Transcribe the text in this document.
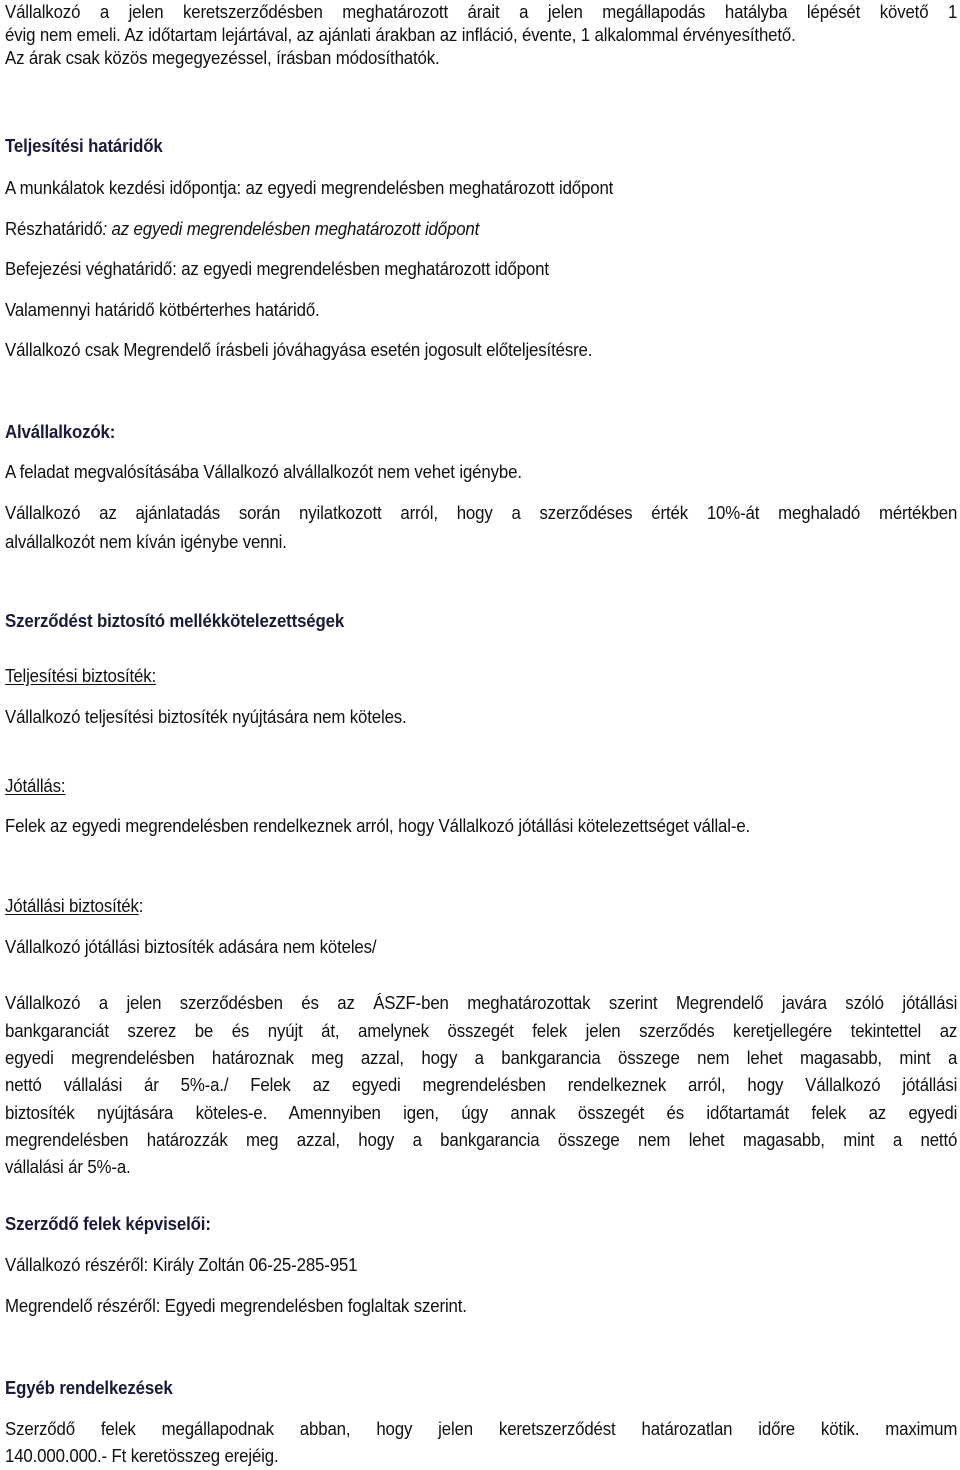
Vállalkozó a jelen keretszerződésben meghatározott árait a jelen megállapodás hatályba lépését követő 1
évig nem emeli. Az időtartam lejártával, az ajánlati árakban az infláció, évente, 1 alkalommal érvényesíthető.
Az árak csak közös megegyezéssel, írásban módosíthatók.
Teljesítési határidők
A munkálatok kezdési időpontja: az egyedi megrendelésben meghatározott időpont
Részhatáridő: az egyedi megrendelésben meghatározott időpont
Befejezési véghatáridő: az egyedi megrendelésben meghatározott időpont
Valamennyi határidő kötbérterhes határidő.
Vállalkozó csak Megrendelő írásbeli jóváhagyása esetén jogosult előteljesítésre.
Alvállalkozók:
A feladat megvalósításába Vállalkozó alvállalkozót nem vehet igénybe.
Vállalkozó az ajánlatadás során nyilatkozott arról, hogy a szerződéses érték 10%-át meghaladó mértékben
alvállalkozót nem kíván igénybe venni.
Szerződést biztosító mellékkötelezettségek
Teljesítési biztosíték:
Vállalkozó teljesítési biztosíték nyújtására nem köteles.
Jótállás:
Felek az egyedi megrendelésben rendelkeznek arról, hogy Vállalkozó jótállási kötelezettséget vállal-e.
Jótállási biztosíték:
Vállalkozó jótállási biztosíték adására nem köteles/
Vállalkozó a jelen szerződésben és az ÁSZF-ben meghatározottak szerint Megrendelő javára szóló jótállási
bankgaranciát szerez be és nyújt át, amelynek összegét felek jelen szerződés keretjellegére tekintettel az
egyedi megrendelésben határoznak meg azzal, hogy a bankgarancia összege nem lehet magasabb, mint a
nettó vállalási ár 5%-a./ Felek az egyedi megrendelésben rendelkeznek arról, hogy Vállalkozó jótállási
biztosíték nyújtására köteles-e. Amennyiben igen, úgy annak összegét és időtartamát felek az egyedi
megrendelésben határozzák meg azzal, hogy a bankgarancia összege nem lehet magasabb, mint a nettó
vállalási ár 5%-a.
Szerződő felek képviselői:
Vállalkozó részéről: Király Zoltán 06-25-285-951
Megrendelő részéről: Egyedi megrendelésben foglaltak szerint.
Egyéb rendelkezések
Szerződő felek megállapodnak abban, hogy jelen keretszerződést határozatlan időre kötik. maximum
140.000.000.- Ft keretösszeg erejéig.
